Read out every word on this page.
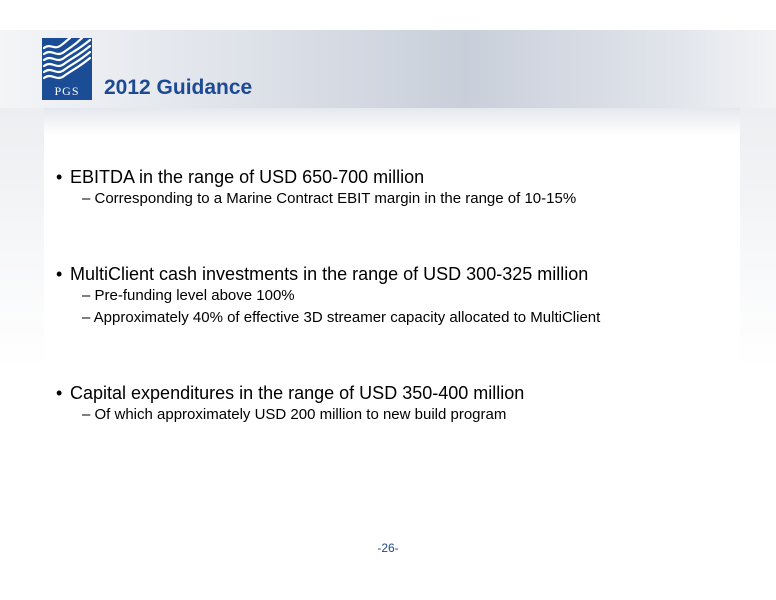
PGS	2012 Guidance
• EBITDA in the range of USD 650-700 million
– Corresponding to a Marine Contract EBIT margin in the range of 10-15%
• MultiClient cash investments in the range of USD 300-325 million
– Pre-funding level above 100%
– Approximately 40% of effective 3D streamer capacity allocated to MultiClient
• Capital expenditures in the range of USD 350-400 million
– Of which approximately USD 200 million to new build program
-26-
